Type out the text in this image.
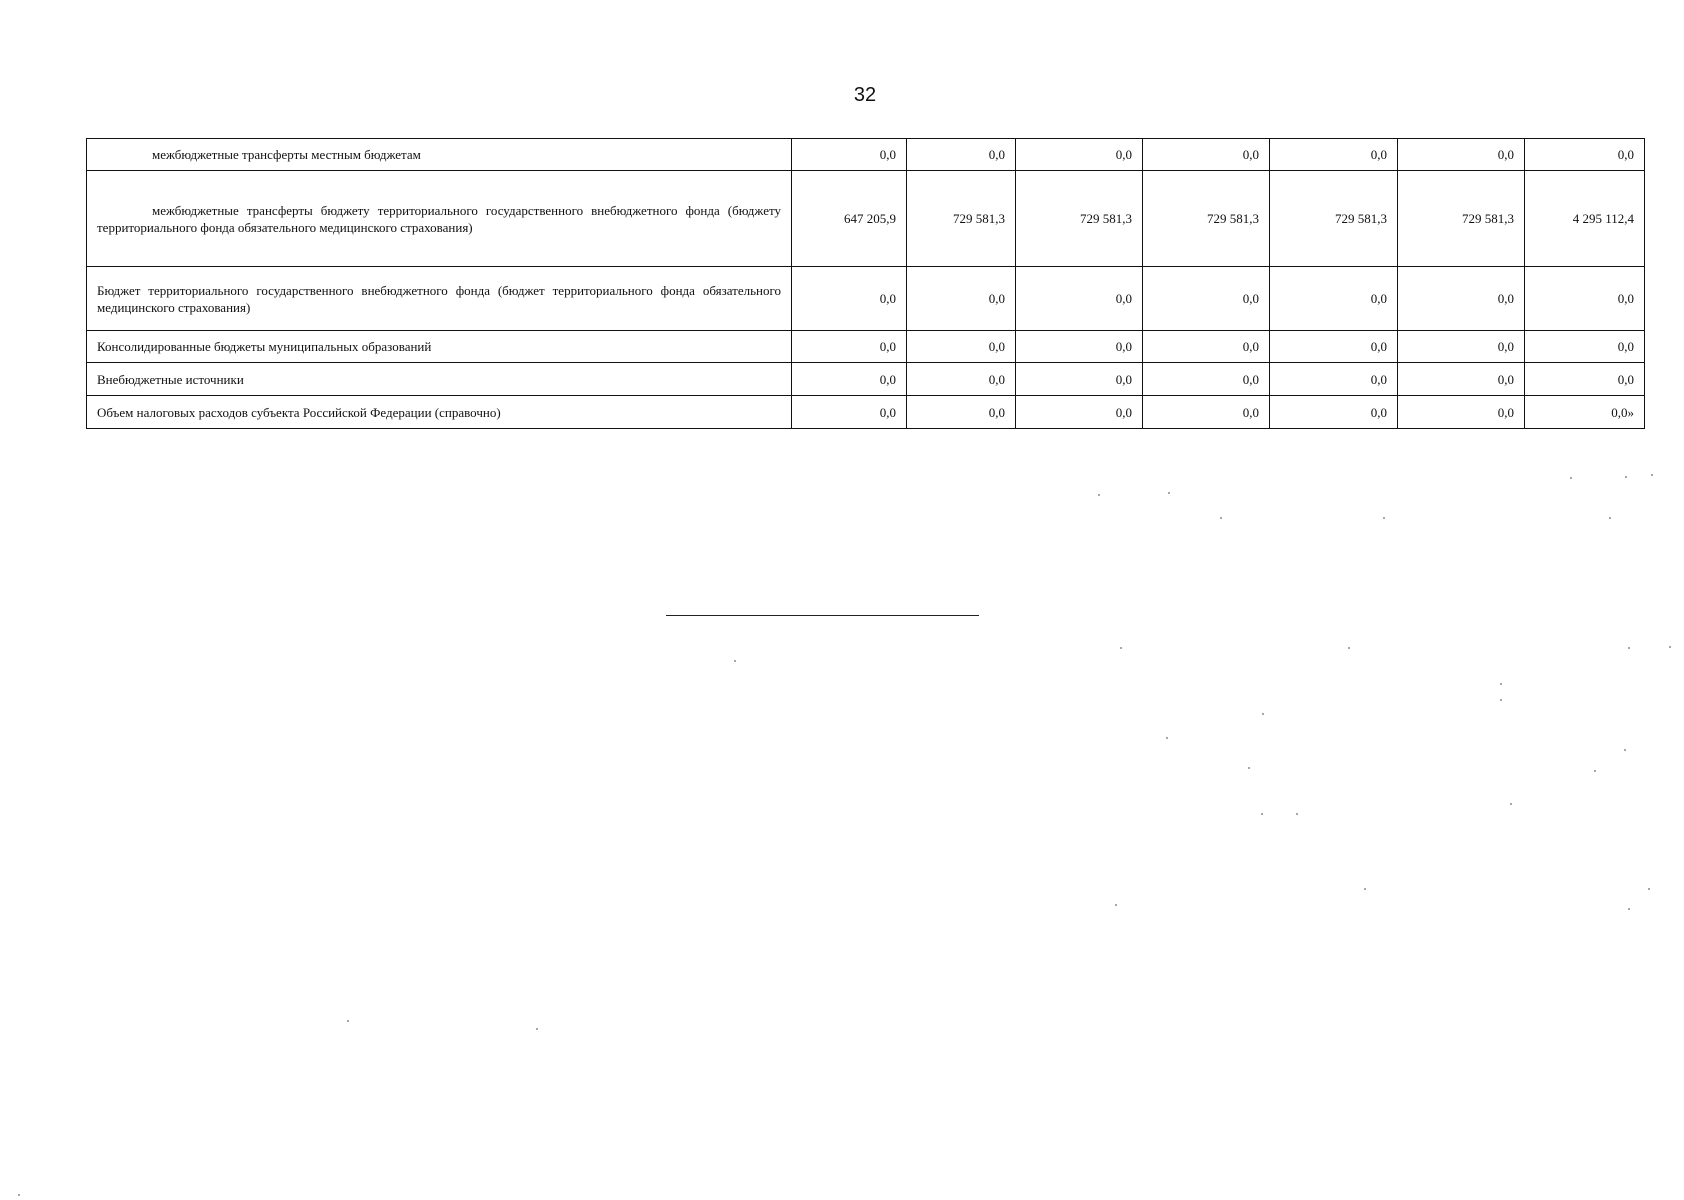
32
межбюджетные трансферты местным бюджетам	0,0	0,0	0,0	0,0	0,0	0,0	0,0
межбюджетные трансферты бюджету территориального государственного внебюджетного фонда (бюджету территориального фонда обязательного медицинского страхования)	647 205,9	729 581,3	729 581,3	729 581,3	729 581,3	729 581,3	4 295 112,4
Бюджет территориального государственного внебюджетного фонда (бюджет территориального фонда обязательного медицинского страхования)	0,0	0,0	0,0	0,0	0,0	0,0	0,0
Консолидированные бюджеты муниципальных образований	0,0	0,0	0,0	0,0	0,0	0,0	0,0
Внебюджетные источники	0,0	0,0	0,0	0,0	0,0	0,0	0,0
Объем налоговых расходов субъекта Российской Федерации (справочно)	0,0	0,0	0,0	0,0	0,0	0,0	0,0»
